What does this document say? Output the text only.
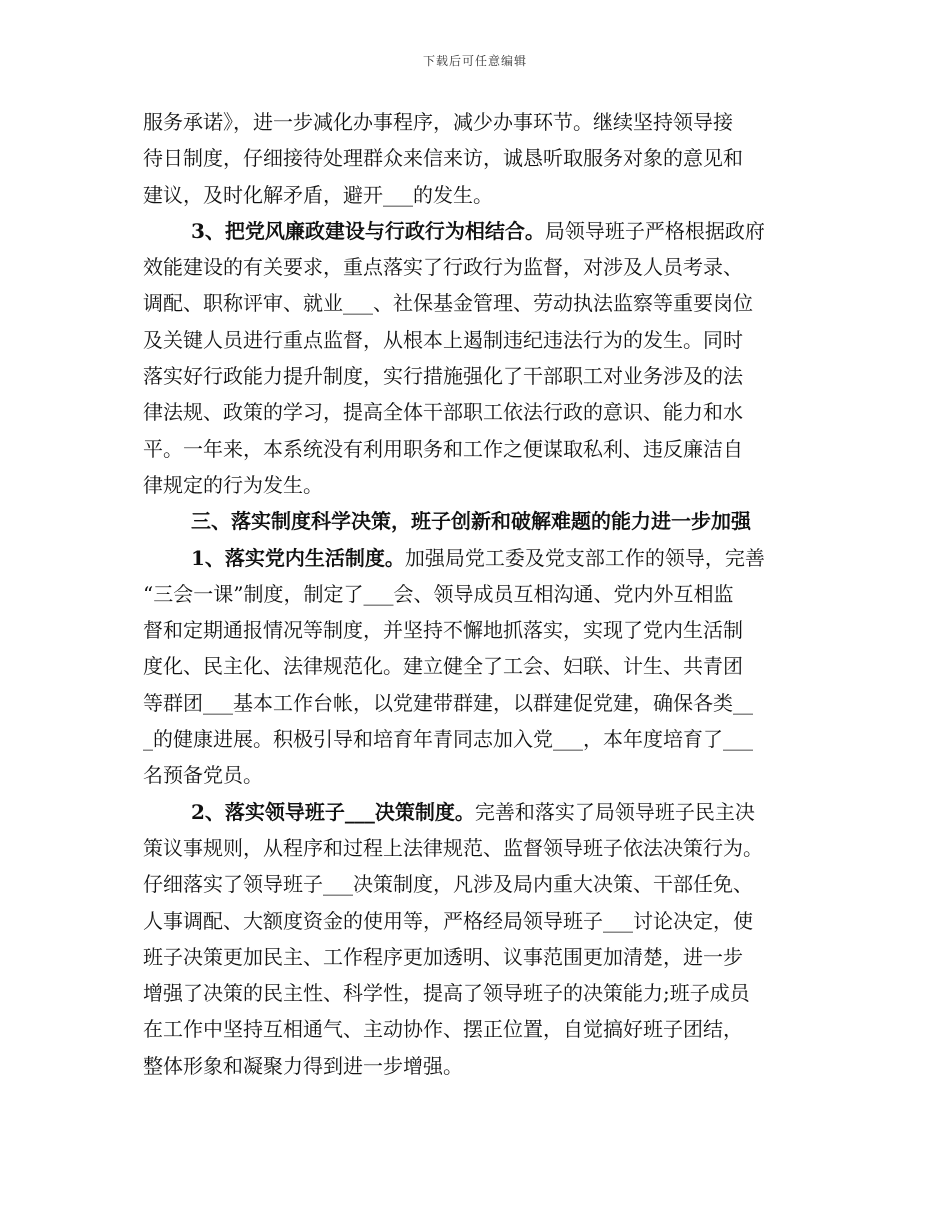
下载后可任意编辑
服务承诺》，进一步减化办事程序，减少办事环节。继续坚持领导接
待日制度，仔细接待处理群众来信来访，诚恳听取服务对象的意见和
建议，及时化解矛盾，避开___的发生。
3、把党风廉政建设与行政行为相结合。局领导班子严格根据政府
效能建设的有关要求，重点落实了行政行为监督，对涉及人员考录、
调配、职称评审、就业___、社保基金管理、劳动执法监察等重要岗位
及关键人员进行重点监督，从根本上遏制违纪违法行为的发生。同时
落实好行政能力提升制度，实行措施强化了干部职工对业务涉及的法
律法规、政策的学习，提高全体干部职工依法行政的意识、能力和水
平。一年来，本系统没有利用职务和工作之便谋取私利、违反廉洁自
律规定的行为发生。
三、落实制度科学决策，班子创新和破解难题的能力进一步加强
1、落实党内生活制度。加强局党工委及党支部工作的领导，完善
“三会一课”制度，制定了___会、领导成员互相沟通、党内外互相监
督和定期通报情况等制度，并坚持不懈地抓落实，实现了党内生活制
度化、民主化、法律规范化。建立健全了工会、妇联、计生、共青团
等群团___基本工作台帐，以党建带群建，以群建促党建，确保各类__
_的健康进展。积极引导和培育年青同志加入党___，本年度培育了___
名预备党员。
2、落实领导班子___决策制度。完善和落实了局领导班子民主决
策议事规则，从程序和过程上法律规范、监督领导班子依法决策行为。
仔细落实了领导班子___决策制度，凡涉及局内重大决策、干部任免、
人事调配、大额度资金的使用等，严格经局领导班子___讨论决定，使
班子决策更加民主、工作程序更加透明、议事范围更加清楚，进一步
增强了决策的民主性、科学性，提高了领导班子的决策能力;班子成员
在工作中坚持互相通气、主动协作、摆正位置，自觉搞好班子团结，
整体形象和凝聚力得到进一步增强。
